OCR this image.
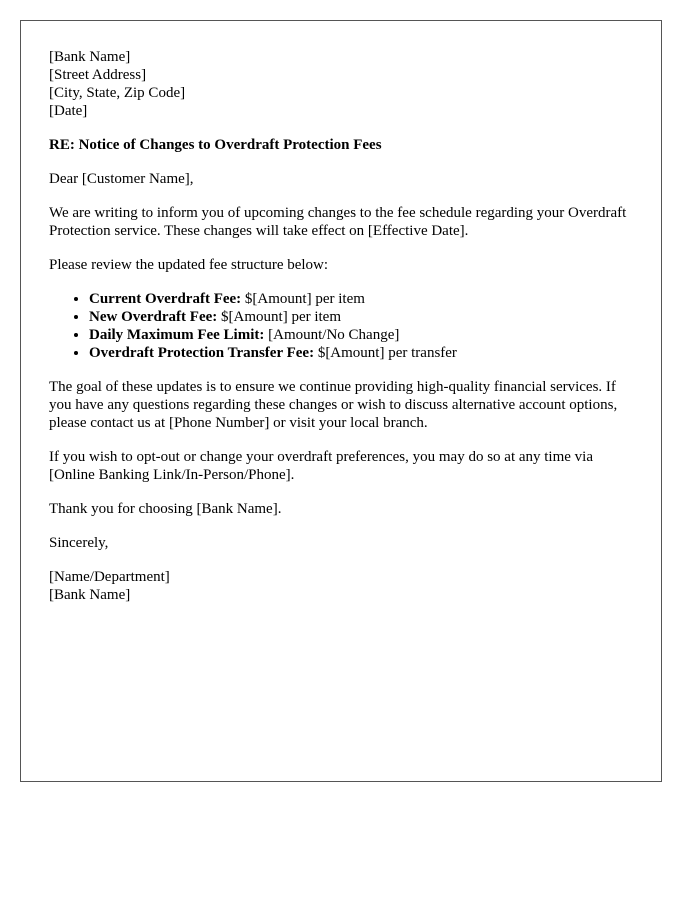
[Bank Name]
[Street Address]
[City, State, Zip Code]
[Date]

RE: Notice of Changes to Overdraft Protection Fees

Dear [Customer Name],

We are writing to inform you of upcoming changes to the fee schedule regarding your Overdraft Protection service. These changes will take effect on [Effective Date].

Please review the updated fee structure below:

• Current Overdraft Fee: $[Amount] per item
• New Overdraft Fee: $[Amount] per item
• Daily Maximum Fee Limit: [Amount/No Change]
• Overdraft Protection Transfer Fee: $[Amount] per transfer

The goal of these updates is to ensure we continue providing high-quality financial services. If you have any questions regarding these changes or wish to discuss alternative account options, please contact us at [Phone Number] or visit your local branch.

If you wish to opt-out or change your overdraft preferences, you may do so at any time via [Online Banking Link/In-Person/Phone].

Thank you for choosing [Bank Name].

Sincerely,

[Name/Department]
[Bank Name]
